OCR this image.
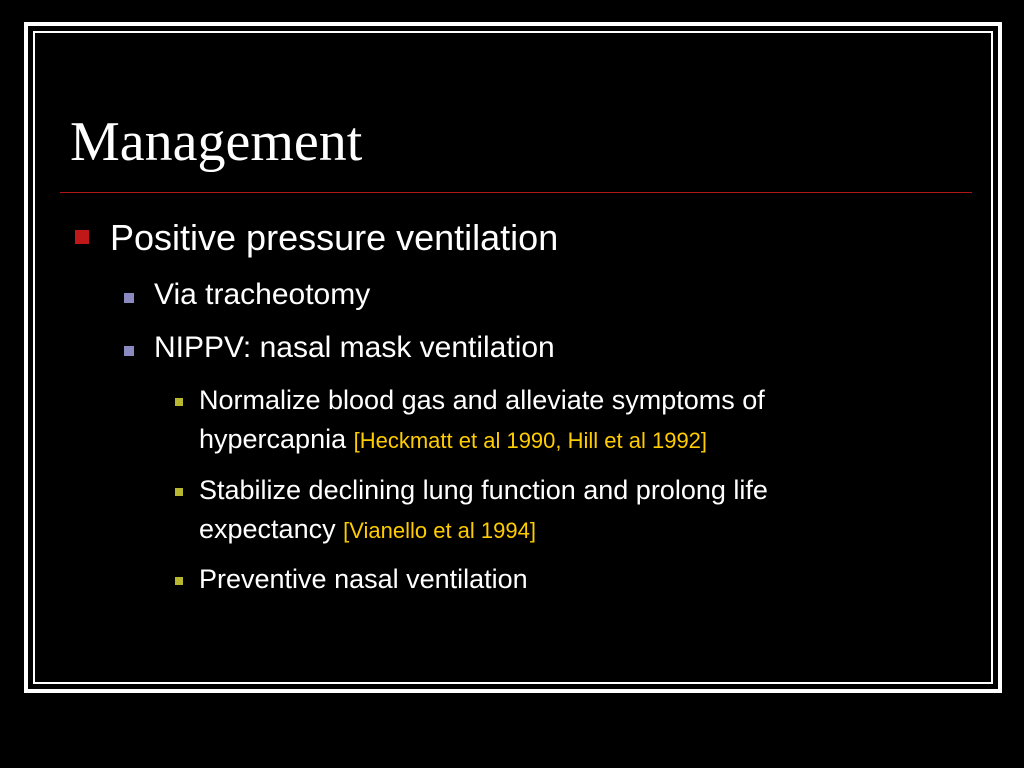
Management
Positive pressure ventilation
Via tracheotomy
NIPPV: nasal mask ventilation
Normalize blood gas and alleviate symptoms of
hypercapnia [Heckmatt et al 1990, Hill et al 1992]
Stabilize declining lung function and prolong life
expectancy [Vianello et al 1994]
Preventive nasal ventilation
